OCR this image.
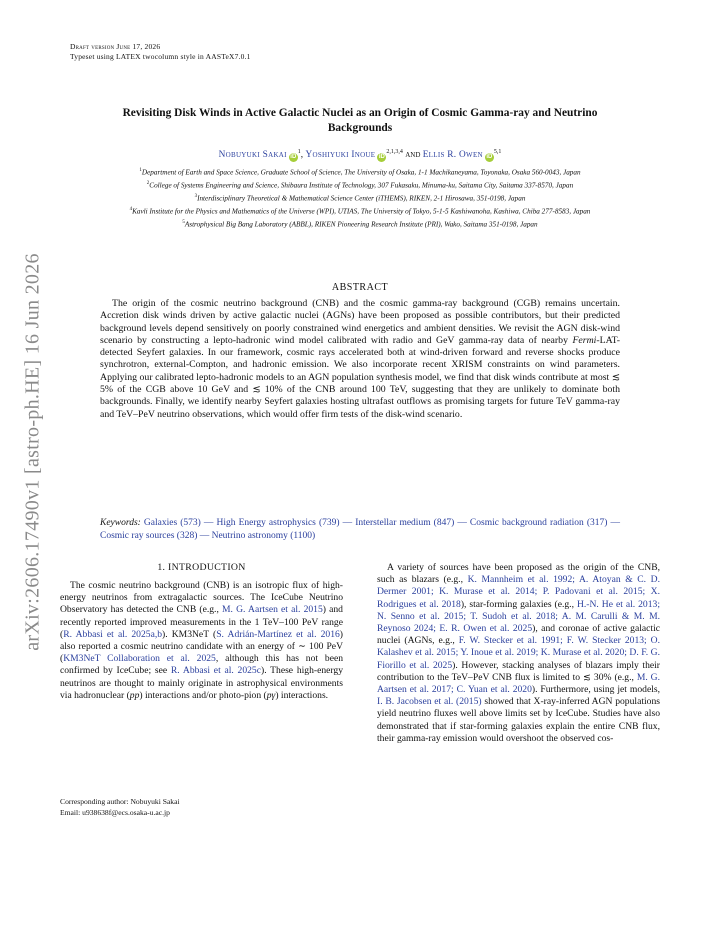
Draft version June 17, 2026
Typeset using LATEX twocolumn style in AASTeX7.0.1
arXiv:2606.17490v1 [astro-ph.HE] 16 Jun 2026
Revisiting Disk Winds in Active Galactic Nuclei as an Origin of Cosmic Gamma-ray and Neutrino
Backgrounds
Nobuyuki Sakai $iD^1$, Yoshiyuki Inoue iD$^{2,1,3,4}$ and Ellis R. Owen iD$^{5,1}$

$^1$Department of Earth and Space Science, Graduate School of Science, The University of Osaka, 1-1 Machikaneyama, Toyonaka, Osaka 560-0043, Japan

$^2$College of Systems Engineering and Science, Shibaura Institute of Technology, 307 Fukasaku, Minuma-ku, Saitama City, Saitama 337-8570, Japan

$^3$Interdisciplinary Theoretical & Mathematical Science Center (iTHEMS), RIKEN, 2-1 Hirosawa, 351-0198, Japan

$^4$Kavli Institute for the Physics and Mathematics of the Universe (WPI), UTIAS, The University of Tokyo, 5-1-5 Kashiwanoha, Kashiwa, Chiba 277-8583, Japan

$^5$Astrophysical Big Bang Laboratory (ABBL), RIKEN Pioneering Research Institute (PRI), Wako, Saitama 351-0198, Japan

ABSTRACT

The origin of the cosmic neutrino background (CNB) and the cosmic gamma-ray background (CGB) remains uncertain. Accretion disk winds driven by active galactic nuclei (AGNs) have been proposed as possible contributors, but their predicted background levels depend sensitively on poorly constrained wind energetics and ambient densities. We revisit the AGN disk-wind scenario by constructing a lepto-hadronic wind model calibrated with radio and GeV gamma-ray data of nearby Fermi-LAT-detected Seyfert galaxies. In our framework, cosmic rays accelerated both at wind-driven forward and reverse shocks produce synchrotron, external-Compton, and hadronic emission. We also incorporate recent XRISM constraints on wind parameters. Applying our calibrated lepto-hadronic models to an AGN population synthesis model, we find that disk winds contribute at most ≲ 5% of the CGB above 10 GeV and ≲ 10% of the CNB around 100 TeV, suggesting that they are unlikely to dominate both backgrounds. Finally, we identify nearby Seyfert galaxies hosting ultrafast outflows as promising targets for future TeV gamma-ray and TeV–PeV neutrino observations, which would offer firm tests of the disk-wind scenario.

Keywords: Galaxies (573) — High Energy astrophysics (739) — Interstellar medium (847) — Cosmic background radiation (317) — Cosmic ray sources (328) — Neutrino astronomy (1100)

1. INTRODUCTION

The cosmic neutrino background (CNB) is an isotropic flux of high-energy neutrinos from extragalactic sources. The IceCube Neutrino Observatory has detected the CNB (e.g., M. G. Aartsen et al. 2015) and recently reported improved measurements in the 1 TeV–100 PeV range (R. Abbasi et al. 2025a,b). KM3NeT (S. Adrián-Martínez et al. 2016) also reported a cosmic neutrino candidate with an energy of ∼ 100 PeV (KM3NeT Collaboration et al. 2025, although this has not been confirmed by IceCube; see R. Abbasi et al. 2025c). These high-energy neutrinos are thought to mainly originate in astrophysical environments via hadronuclear (pp) interactions and/or photo-pion (pγ) interactions.

Corresponding author: Nobuyuki Sakai
Email: u938638f@ecs.osaka-u.ac.jp

A variety of sources have been proposed as the origin of the CNB, such as blazars (e.g., K. Mannheim et al. 1992; A. Atoyan & C. D. Dermer 2001; K. Murase et al. 2014; P. Padovani et al. 2015; X. Rodrigues et al. 2018), star-forming galaxies (e.g., H.-N. He et al. 2013; N. Senno et al. 2015; T. Sudoh et al. 2018; A. M. Carulli & M. M. Reynoso 2024; E. R. Owen et al. 2025), and coronae of active galactic nuclei (AGNs, e.g., F. W. Stecker et al. 1991; F. W. Stecker 2013; O. Kalashev et al. 2015; Y. Inoue et al. 2019; K. Murase et al. 2020; D. F. G. Fiorillo et al. 2025). However, stacking analyses of blazars imply their contribution to the TeV–PeV CNB flux is limited to ≲ 30% (e.g., M. G. Aartsen et al. 2017; C. Yuan et al. 2020). Furthermore, using jet models, I. B. Jacobsen et al. (2015) showed that X-ray-inferred AGN populations yield neutrino fluxes well above limits set by IceCube. Studies have also demonstrated that if star-forming galaxies explain the entire CNB flux, their gamma-ray emission would overshoot the observed cos-
